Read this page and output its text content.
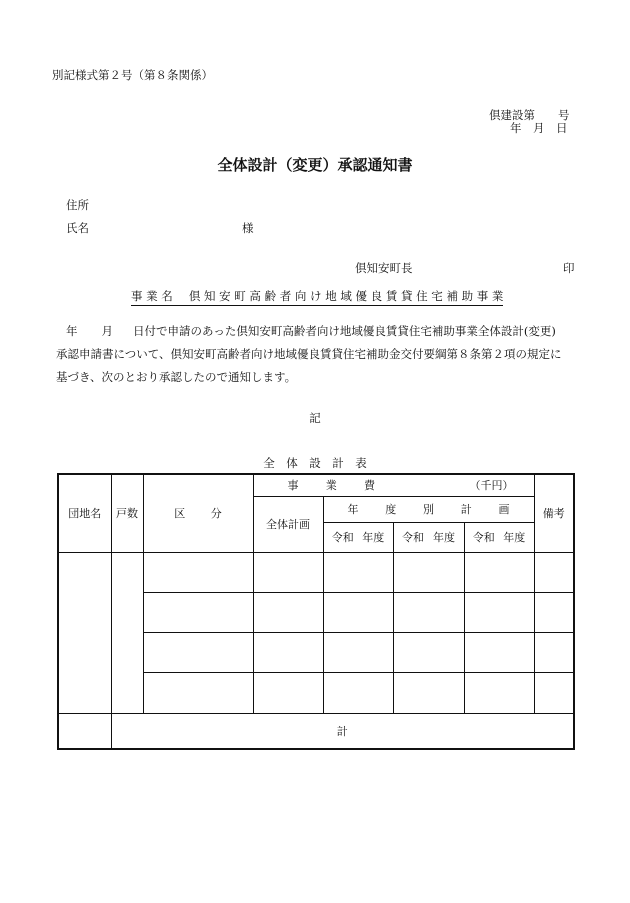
別記様式第２号（第８条関係）
倶建設第　　号
年　月　日
全体設計（変更）承認通知書
住所
氏名	様
倶知安町長	印
事 業 名 倶 知 安 町 高 齢 者 向 け 地 域 優 良 賃 貸 住 宅 補 助 事 業
年 月 日付で申請のあった倶知安町高齢者向け地域優良賃貸住宅補助事業全体設計(変更)
承認申請書について、倶知安町高齢者向け地域優良賃貸住宅補助金交付要綱第８条第２項の規定に
基づき、次のとおり承認したので通知します。
記
全　体　設　計　表
団地名	戸数	区 分	事 業 費 （千円）				備考
			全体計画	年 度 別 計 画			

				令和 年度	令和 年度	令和 年度	

	計						
